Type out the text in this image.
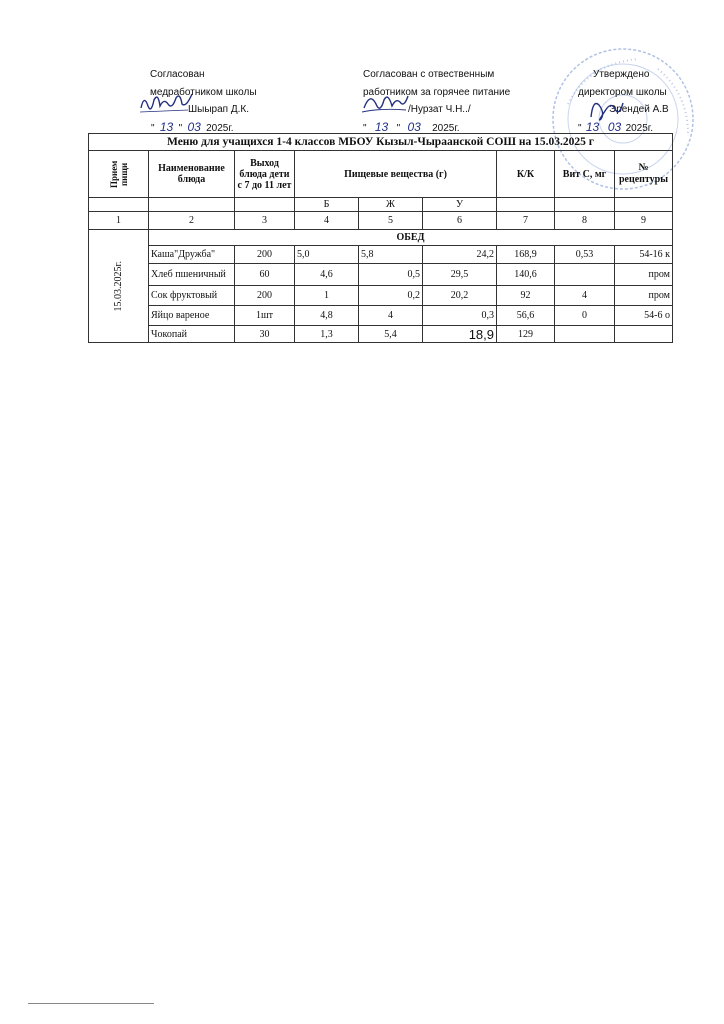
Согласован
медработником школы
Шыырап Д.К.
" 13 " 03 2025г.
Согласован с отвественным
работником за горячее питание
/Нурзат Ч.Н../
" 13 " 03 2025г.
Утверждено
директором школы
Эрендей А.В
" 13 03 2025г.
Меню для учащихся 1-4 классов МБОУ Кызыл-Чыраанской СОШ на 15.03.2025 г								

Прием пищи	Наименование блюда	Выход блюда дети с 7 до 11 лет	Пищевые вещества (г)			К/К	Вит С, мг	№ рецептуры
			Б	Ж	У			
1	2	3	4	5	6	7	8	9

15.03.2025г.	ОБЕД							
	Каша"Дружба"	200	5,0	5,8	24,2	168,9	0,53	54-16 к
	Хлеб пшеничный	60	4,6	0,5	29,5	140,6		пром
	Сок фруктовый	200	1	0,2	20,2	92	4	пром
	Яйцо вареное	1шт	4,8	4	0,3	56,6	0	54-6 о
	Чокопай	30	1,3	5,4	18,9	129		
